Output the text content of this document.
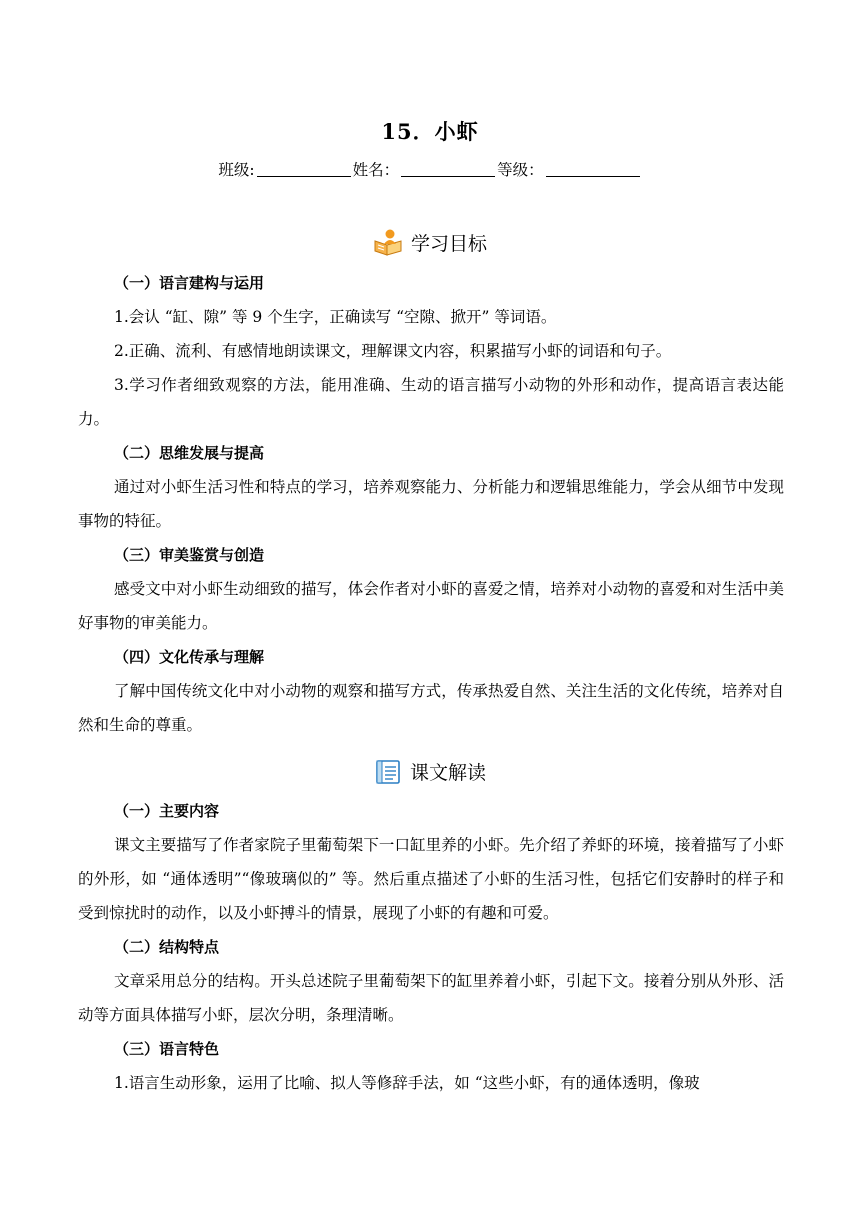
15．小虾
班级:	姓名：	等级：
学习目标
（一）语言建构与运用
1.会认 “缸、隙” 等 9 个生字，正确读写 “空隙、掀开” 等词语。
2.正确、流利、有感情地朗读课文，理解课文内容，积累描写小虾的词语和句子。
3.学习作者细致观察的方法，能用准确、生动的语言描写小动物的外形和动作，提高语言表达能力。
（二）思维发展与提高
通过对小虾生活习性和特点的学习，培养观察能力、分析能力和逻辑思维能力，学会从细节中发现事物的特征。
（三）审美鉴赏与创造
感受文中对小虾生动细致的描写，体会作者对小虾的喜爱之情，培养对小动物的喜爱和对生活中美好事物的审美能力。
（四）文化传承与理解
了解中国传统文化中对小动物的观察和描写方式，传承热爱自然、关注生活的文化传统，培养对自然和生命的尊重。
课文解读
（一）主要内容
课文主要描写了作者家院子里葡萄架下一口缸里养的小虾。先介绍了养虾的环境，接着描写了小虾的外形，如 “通体透明”“像玻璃似的” 等。然后重点描述了小虾的生活习性，包括它们安静时的样子和受到惊扰时的动作，以及小虾搏斗的情景，展现了小虾的有趣和可爱。
（二）结构特点
文章采用总分的结构。开头总述院子里葡萄架下的缸里养着小虾，引起下文。接着分别从外形、活动等方面具体描写小虾，层次分明，条理清晰。
（三）语言特色
1.语言生动形象，运用了比喻、拟人等修辞手法，如 “这些小虾，有的通体透明，像玻
